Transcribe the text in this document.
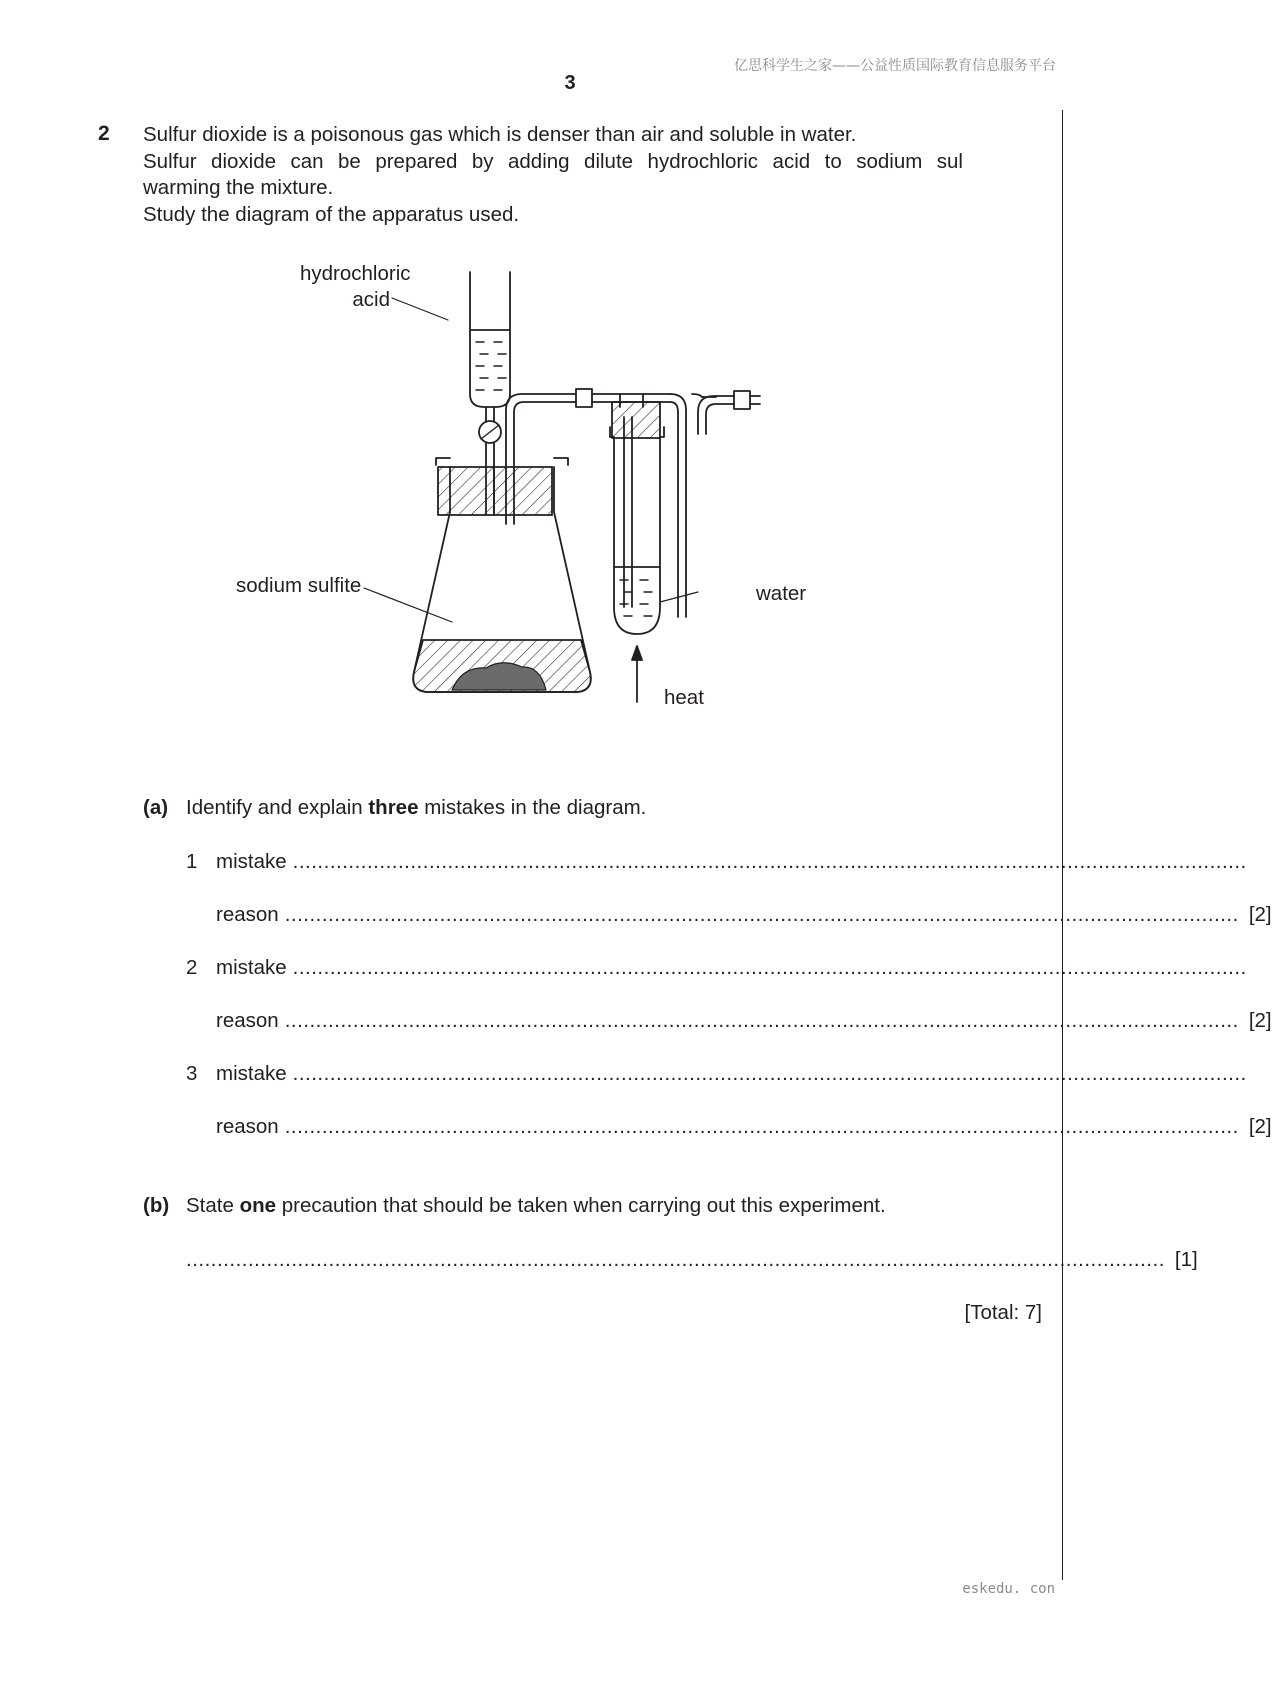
亿思科学生之家——公益性质国际教育信息服务平台
3
2 Sulfur dioxide is a poisonous gas which is denser than air and soluble in water.
Sulfur dioxide can be prepared by adding dilute hydrochloric acid to sodium sul
warming the mixture.
Study the diagram of the apparatus used.
hydrochloric
acid
sodium sulfite	water
heat
(a) Identify and explain three mistakes in the diagram.
1 mistake ..........................................................................................................................................................
reason .......................................................................................................................................................... [2]
2 mistake ..........................................................................................................................................................
reason .......................................................................................................................................................... [2]
3 mistake ..........................................................................................................................................................
reason .......................................................................................................................................................... [2]
(b) State one precaution that should be taken when carrying out this experiment.
.............................................................................................................................................................. [1]
[Total: 7]
eskedu. con
